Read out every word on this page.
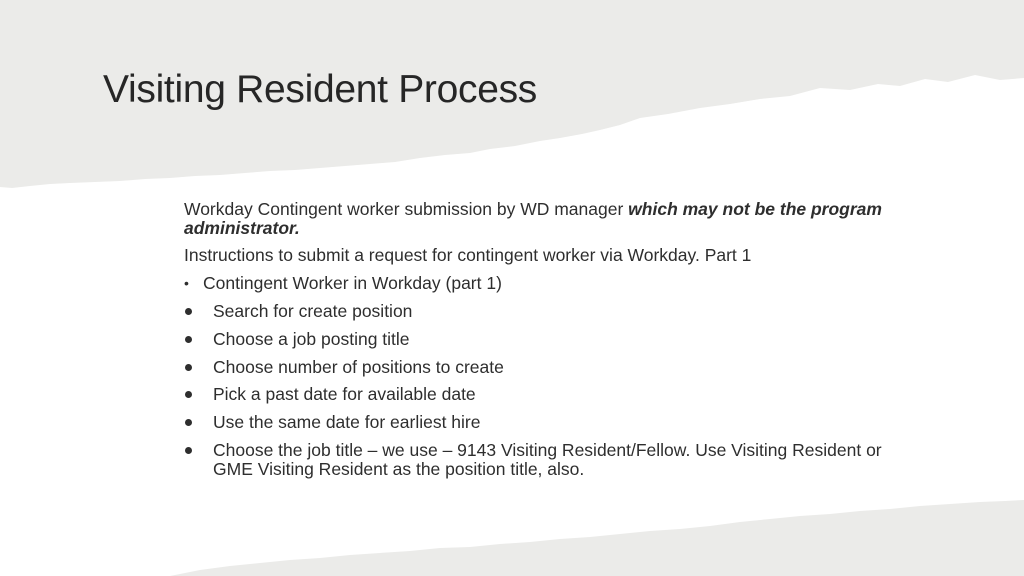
Visiting Resident Process

Workday Contingent worker submission by WD manager which may not be the program administrator.

Instructions to submit a request for contingent worker via Workday. Part 1

• Contingent Worker in Workday (part 1)
Search for create position
Choose a job posting title
Choose number of positions to create
Pick a past date for available date
Use the same date for earliest hire
Choose the job title – we use – 9143 Visiting Resident/Fellow. Use Visiting Resident or GME Visiting Resident as the position title, also.
